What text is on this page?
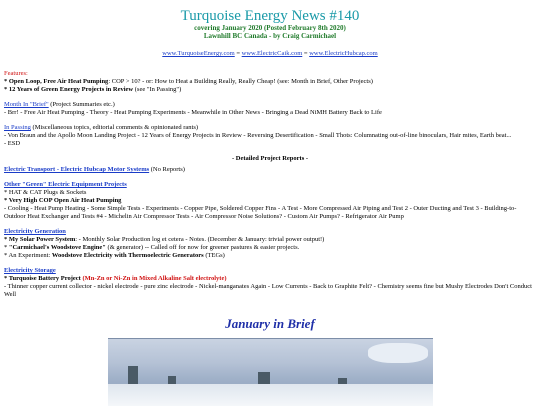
Turquoise Energy News #140
covering January 2020 (Posted February 8th 2020)
Lawnhill BC Canada - by Craig Carmichael
www.TurquoiseEnergy.com = www.ElectricCaik.com = www.ElectricHubcap.com
Features:
* Open Loop, Free Air Heat Pumping: COP > 10? - or: How to Heat a Building Really, Really Cheap! (see: Month in Brief, Other Projects)
* 12 Years of Green Energy Projects in Review (see "In Passing")
Month In "Brief" (Project Summaries etc.)
- Brr! - Free Air Heat Pumping - Theory - Heat Pumping Experiments - Meanwhile in Other News - Bringing a Dead NiMH Battery Back to Life
In Passing (Miscellaneous topics, editorial comments & opinionated rants)
- Von Braun and the Apollo Moon Landing Project - 12 Years of Energy Projects in Review - Reversing Desertification - Small Thots: Columnating out-of-line binoculars, Hair mites, Earth beat...
- ESD
- Detailed Project Reports -
Electric Transport - Electric Hubcap Motor Systems (No Reports)
Other "Green" Electric Equipment Projects
* HAT & CAT Plugs & Sockets
* Very High COP Open Air Heat Pumping
- Cooling - Heat Pump Heating - Some Simple Tests - Experiments - Copper Pipe, Soldered Copper Fins - A Test - More Compressed Air Piping and Test 2 - Outer Ducting and Test 3 - Building-to-Outdoor Heat Exchanger and Tests #4 - Michelin Air Compressor Tests - Air Compressor Noise Solutions? - Custom Air Pumps? - Refrigerator Air Pump
Electricity Generation
* My Solar Power System: - Monthly Solar Production log et cetera - Notes. (December & January: trivial power output!)
* "Carmichael's Woodstove Engine" (& generator) -- Called off for now for greener pastures & easier projects.
* An Experiment: Woodstove Electricity with Thermoelectric Generators (TEGs)
Electricity Storage
* Turquoise Battery Project (Mn-Zn or Ni-Zn in Mixed Alkaline Salt electrolyte)
- Thinner copper current collector - nickel electrode - pure zinc electrode - Nickel-manganates Again - Low Currents - Back to Graphite Felt? - Chemistry seems fine but Mushy Electrodes Don't Conduct Well
January in Brief
